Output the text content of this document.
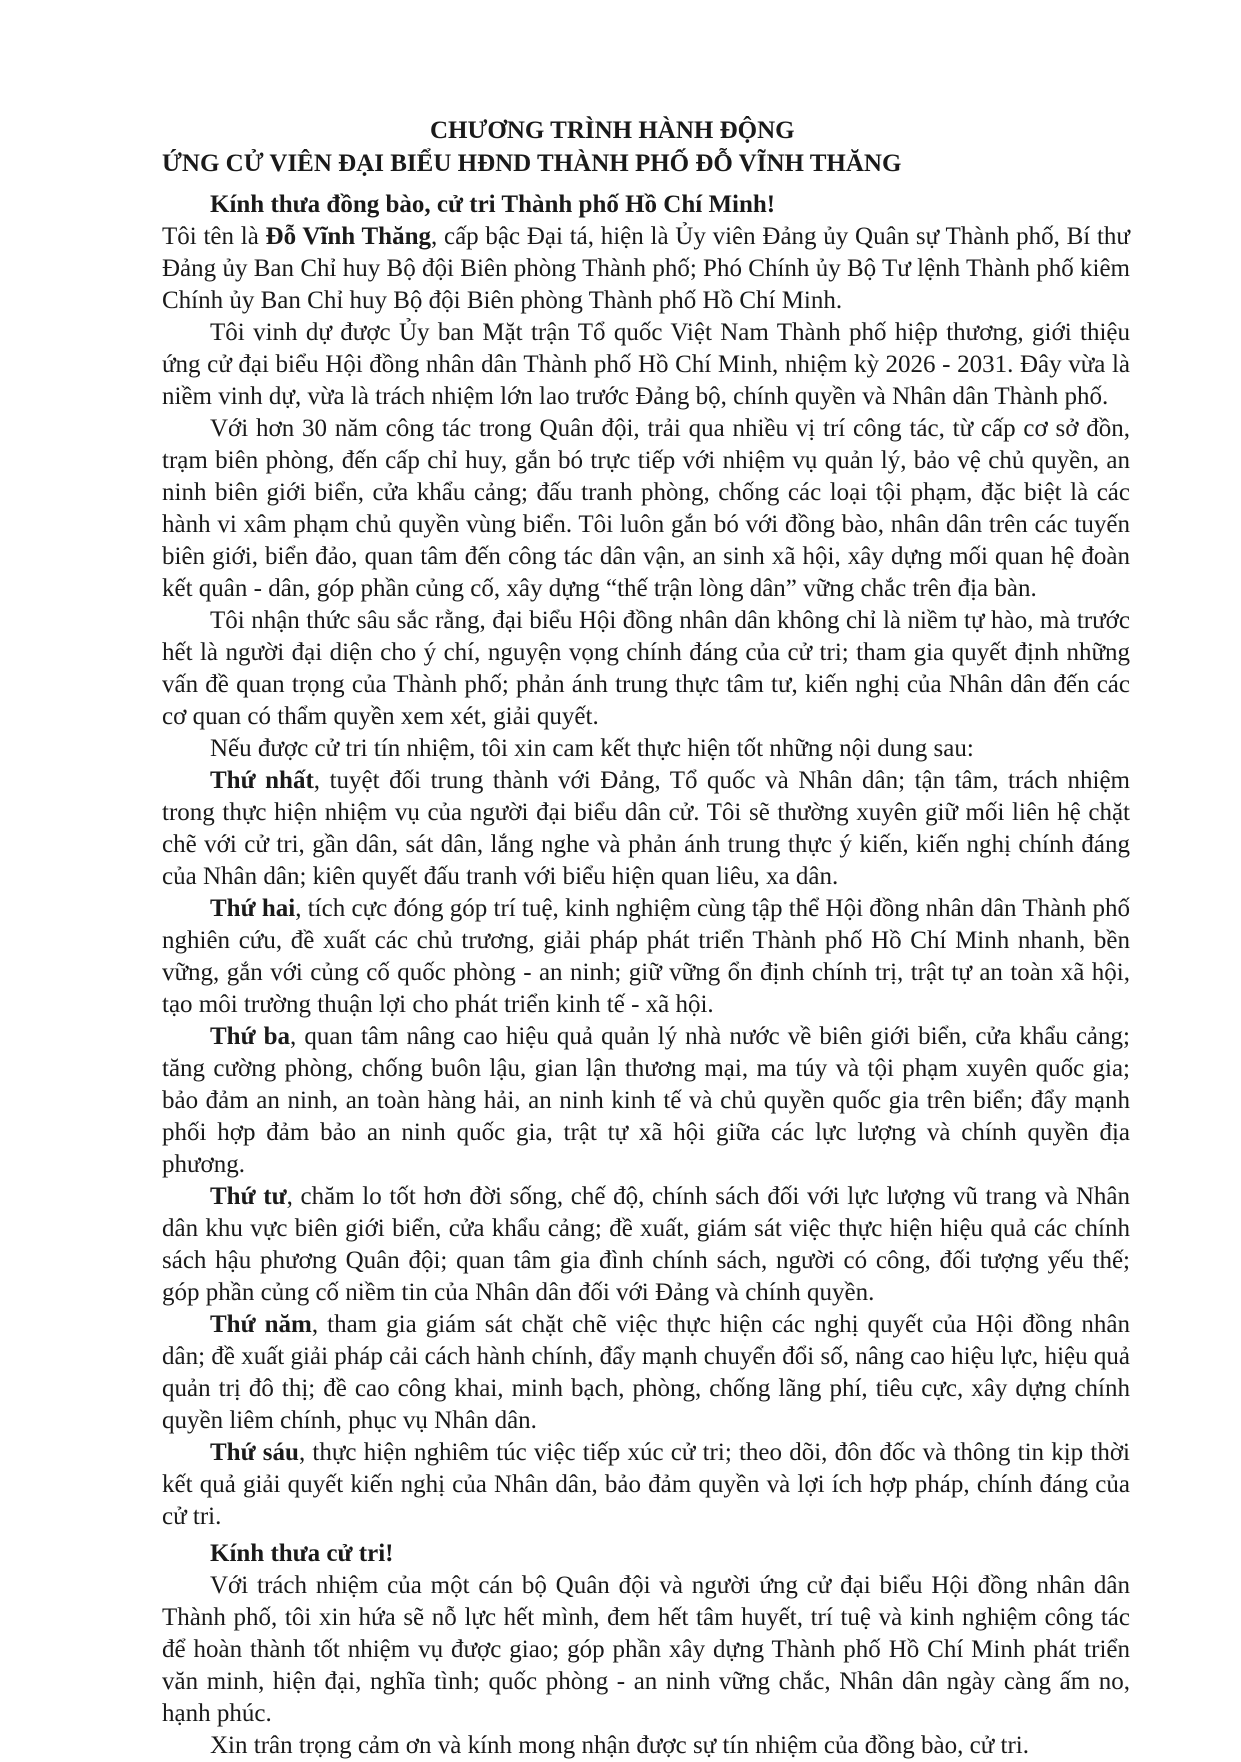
CHƯƠNG TRÌNH HÀNH ĐỘNG
ỨNG CỬ VIÊN ĐẠI BIỂU HĐND THÀNH PHỐ ĐỖ VĨNH THĂNG
Kính thưa đồng bào, cử tri Thành phố Hồ Chí Minh!

Tôi tên là Đỗ Vĩnh Thăng, cấp bậc Đại tá, hiện là Ủy viên Đảng ủy Quân sự Thành phố, Bí thư Đảng ủy Ban Chỉ huy Bộ đội Biên phòng Thành phố; Phó Chính ủy Bộ Tư lệnh Thành phố kiêm Chính ủy Ban Chỉ huy Bộ đội Biên phòng Thành phố Hồ Chí Minh.

Tôi vinh dự được Ủy ban Mặt trận Tổ quốc Việt Nam Thành phố hiệp thương, giới thiệu ứng cử đại biểu Hội đồng nhân dân Thành phố Hồ Chí Minh, nhiệm kỳ 2026 - 2031. Đây vừa là niềm vinh dự, vừa là trách nhiệm lớn lao trước Đảng bộ, chính quyền và Nhân dân Thành phố.

Với hơn 30 năm công tác trong Quân đội, trải qua nhiều vị trí công tác, từ cấp cơ sở đồn, trạm biên phòng, đến cấp chỉ huy, gắn bó trực tiếp với nhiệm vụ quản lý, bảo vệ chủ quyền, an ninh biên giới biển, cửa khẩu cảng; đấu tranh phòng, chống các loại tội phạm, đặc biệt là các hành vi xâm phạm chủ quyền vùng biển. Tôi luôn gắn bó với đồng bào, nhân dân trên các tuyến biên giới, biển đảo, quan tâm đến công tác dân vận, an sinh xã hội, xây dựng mối quan hệ đoàn kết quân - dân, góp phần củng cố, xây dựng “thế trận lòng dân” vững chắc trên địa bàn.

Tôi nhận thức sâu sắc rằng, đại biểu Hội đồng nhân dân không chỉ là niềm tự hào, mà trước hết là người đại diện cho ý chí, nguyện vọng chính đáng của cử tri; tham gia quyết định những vấn đề quan trọng của Thành phố; phản ánh trung thực tâm tư, kiến nghị của Nhân dân đến các cơ quan có thẩm quyền xem xét, giải quyết.

Nếu được cử tri tín nhiệm, tôi xin cam kết thực hiện tốt những nội dung sau:

Thứ nhất, tuyệt đối trung thành với Đảng, Tổ quốc và Nhân dân; tận tâm, trách nhiệm trong thực hiện nhiệm vụ của người đại biểu dân cử. Tôi sẽ thường xuyên giữ mối liên hệ chặt chẽ với cử tri, gần dân, sát dân, lắng nghe và phản ánh trung thực ý kiến, kiến nghị chính đáng của Nhân dân; kiên quyết đấu tranh với biểu hiện quan liêu, xa dân.

Thứ hai, tích cực đóng góp trí tuệ, kinh nghiệm cùng tập thể Hội đồng nhân dân Thành phố nghiên cứu, đề xuất các chủ trương, giải pháp phát triển Thành phố Hồ Chí Minh nhanh, bền vững, gắn với củng cố quốc phòng - an ninh; giữ vững ổn định chính trị, trật tự an toàn xã hội, tạo môi trường thuận lợi cho phát triển kinh tế - xã hội.

Thứ ba, quan tâm nâng cao hiệu quả quản lý nhà nước về biên giới biển, cửa khẩu cảng; tăng cường phòng, chống buôn lậu, gian lận thương mại, ma túy và tội phạm xuyên quốc gia; bảo đảm an ninh, an toàn hàng hải, an ninh kinh tế và chủ quyền quốc gia trên biển; đẩy mạnh phối hợp đảm bảo an ninh quốc gia, trật tự xã hội giữa các lực lượng và chính quyền địa phương.

Thứ tư, chăm lo tốt hơn đời sống, chế độ, chính sách đối với lực lượng vũ trang và Nhân dân khu vực biên giới biển, cửa khẩu cảng; đề xuất, giám sát việc thực hiện hiệu quả các chính sách hậu phương Quân đội; quan tâm gia đình chính sách, người có công, đối tượng yếu thế; góp phần củng cố niềm tin của Nhân dân đối với Đảng và chính quyền.

Thứ năm, tham gia giám sát chặt chẽ việc thực hiện các nghị quyết của Hội đồng nhân dân; đề xuất giải pháp cải cách hành chính, đẩy mạnh chuyển đổi số, nâng cao hiệu lực, hiệu quả quản trị đô thị; đề cao công khai, minh bạch, phòng, chống lãng phí, tiêu cực, xây dựng chính quyền liêm chính, phục vụ Nhân dân.

Thứ sáu, thực hiện nghiêm túc việc tiếp xúc cử tri; theo dõi, đôn đốc và thông tin kịp thời kết quả giải quyết kiến nghị của Nhân dân, bảo đảm quyền và lợi ích hợp pháp, chính đáng của cử tri.

Kính thưa cử tri!

Với trách nhiệm của một cán bộ Quân đội và người ứng cử đại biểu Hội đồng nhân dân Thành phố, tôi xin hứa sẽ nỗ lực hết mình, đem hết tâm huyết, trí tuệ và kinh nghiệm công tác để hoàn thành tốt nhiệm vụ được giao; góp phần xây dựng Thành phố Hồ Chí Minh phát triển văn minh, hiện đại, nghĩa tình; quốc phòng - an ninh vững chắc, Nhân dân ngày càng ấm no, hạnh phúc.

Xin trân trọng cảm ơn và kính mong nhận được sự tín nhiệm của đồng bào, cử tri.
